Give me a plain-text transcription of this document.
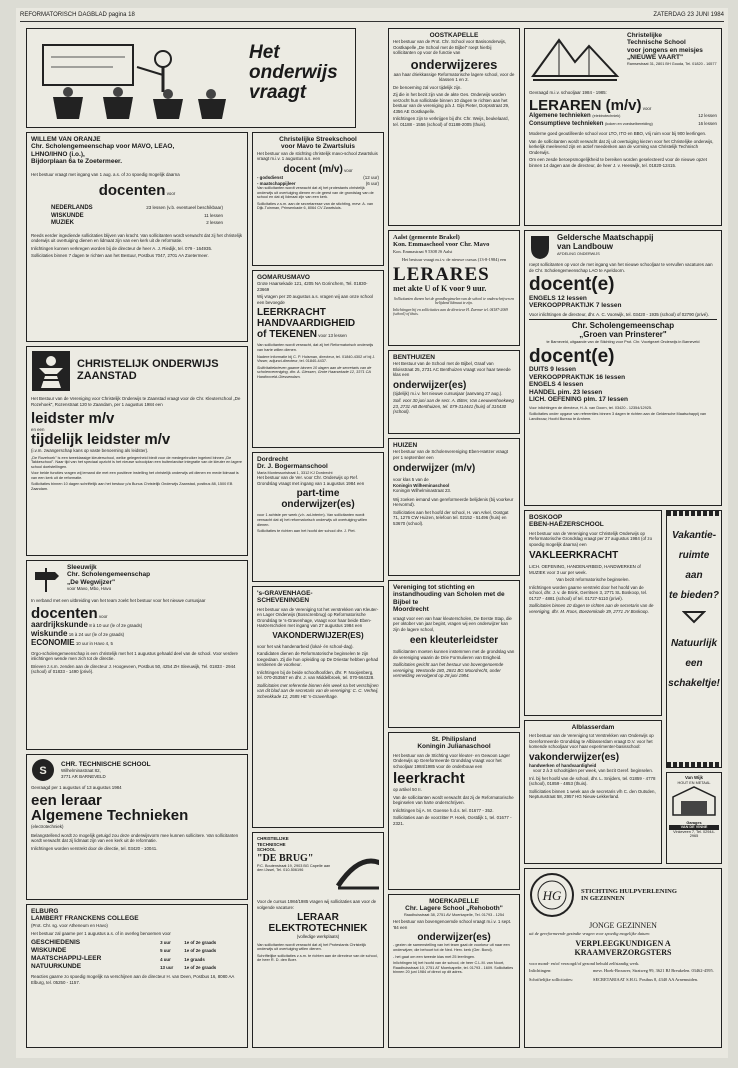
REFORMATORISCH DAGBLAD pagina 18	ZATERDAG 23 JUNI 1984
Het
onderwijs
vraagt
WILLEM VAN ORANJE
Chr. Scholengemeenschap voor MAVO, LEAO,
LHNO/IHNO (i.o.),
Bijdorplaan 6a te Zoetermeer.

Het bestuur vraagt met ingang van 1 aug. a.s. of zo spoedig mogelijk daarna

docenten voor
NEDERLANDS	23 lessen (v.b. eventueel beschikbaar)
WISKUNDE	11 lessen
MUZIEK	2 lessen

Reeds eerder ingediende sollicitaties blijven van kracht. Van sollicitanten wordt verwacht dat zij het christelijk onderwijs uit overtuiging dienen en lidmaat zijn van een kerk uit de reformatie.

Inlichtingen kunnen verkregen worden bij de directeur de heer A. J. Riedijk, tel. 079 - 164935.

Sollicitaties binnen 7 dagen te richten aan het Bestuur, Postbus 7047, 2701 AA Zoetermeer.

CHRISTELIJK ONDERWIJS ZAANSTAD

Het Bestuur van de Vereniging voor Christelijk Onderwijs te Zaanstad vraagt voor de Chr. Kleuterschool „De Rozehoek", Rozenstraat 120 te Zaandam, per 1 augustus 1984 een

leidster m/v
en een
tijdelijk leidster m/v

(i.v.m. zwangerschap kans op vaste benoeming als leidster).

„De Rozehoek" is een tweeklassige kleuterschool, welke gelegenheid biedt voor de medegebruiker ingebed binnen „De Takkeschool". Naar tijd van het speciaal opzicht is het nieuwe schoolplan een buitenlandse integratie van de kleuter en lagere school doelstellingen.

Voor beide functies vragen wij iemand die met een positieve instelling het christelijk onderwijs wil dienen en mede lidmaat is van een kerk uit de reformatie.

Sollicitaties binnen 10 dagen schriftelijk aan het bestuur p/a Bunus Christelijk Onderwijs Zaanstad, postbus 88, 1500 EB Zaandam.

Sleeuwijk
Chr. Scholengemeenschap
„De Wegwijzer"
voor Mavo, Mbo, Havo

In verband met een uitbreiding van het team zoekt het bestuur voor het nieuwe cursusjaar

docenten voor
aardrijkskunde 8 à 10 uur (le of 2e graads)
wiskunde 16 à 24 uur (le of 2e graads)
ECONOMIE 10 uur in Havo 4, 5

Orgo-scholengemeenschap is een christelijk met het 1 augustus gehaald deel van de school. Voor verdere inlichtingen wende men zich tot de directie.

Brieven z.s.m. zenden aan de directeur J. Hoogeveen, Postbus 50, 4254 ZH Sleeuwijk, Tel. 01833 - 2944 (school) of 01833 - 1490 (privé).

S
CHR. TECHNISCHE SCHOOL
Wilhelminastraat 82,
3771 AR BARNEVELD

Gevraagd per 1 augustus of 13 augustus 1984

een leraar
Algemene Technieken
(electrotechniek)

Belangstellend wordt zo mogelijk getuigd zou deze onderwijsvorm mee kunnen sollicitere. Van sollicitanten wordt verwacht dat zij lidmaat zijn van een kerk uit de reformatie.

Inlichtingen worden verstrekt door de directie, tel. 03420 - 10041.

ELBURG
LAMBERT FRANCKENS COLLEGE
(Prot. Chr. sg. voor Atheneum en Havo)

Het bestuur zal gaarne per 1 augustus a.s. of in overleg benoemen voor

GESCHIEDENIS	3 uur	1e of 2e graads
WISKUNDE	5 uur	1e of 2e graads
MAATSCHAPPIJ-LEER	4 uur	1e graads
NATUURKUNDE	13 uur	1e of 2e graads

Reacties gaarne zo spoedig mogelijk na verschijnen aan de directeur H. van Deen, Postbus 16, 8080 AA Elburg, tel. 05250 - 1157.

Christelijke Streekschool
voor Mavo te Zwartsluis

Het bestuur van de stichting christelijk mavo-school Zwartsluis vraagt m.i.v. 1 augustus a.s. een

docent (m/v) voor
- godsdienst	(12 uur)
- maatschappijleer	(6 uur)

Van sollicitanten wordt verwacht dat zij het protestants christelijk onderwijs uit overtuiging dienen en de geest van de grondslag van de school en dat zij lidmaat zijn van een kerk.

Sollicitaties z.s.m. aan de secretaresse van de stichting, mevr. A. van Dijk-Tuinman, Prinsenkade 6, 8064 CV Zwartsluis.

GOMARUSMAVO
Grote Haarsekade 121, 4205 NA Gorinchem, Tel. 01830-23669

Wij vragen per 20 augustus a.s. vragen wij aan onze school een bevoegde

LEERKRACHT
HANDVAARDIGHEID
of TEKENEN voor 13 lessen

Van sollicitanten wordt verwacht, dat zij het Reformatorisch onderwijs van harte willen dienen.

Nadere informatie bij C. P. Huisman, directeur, tel. 01840-4302 of bij J. Visser, adjunct-directeur, tel. 01840-4437.

Sollicitatiebrieven gaarne binnen 10 dagen aan de secretaris van de scholenvereniging, dhr. A. Giessen, Grote Haarsekade 12, 3371 CA Hardinxveld-Giessendam.

Dordrecht
Dr. J. Bogermanschool
Maria Montessoristraat 1, 3312 KJ Dordrecht

Het bestuur van de Ver. voor Chr. Onderwijs op Ref. Grondslag vraagt met ingang van 1 augustus 1984 een

part-time
onderwijzer(es)

voor 1 achtste per week (v.h. ad-interim). Van sollicitanten wordt verwacht dat zij het reformatorisch onderwijs uit overtuiging willen dienen.

Sollicitaties te richten aan het hoofd der school dhr. J. Piet.

's-GRAVENHAGE-
SCHEVENINGEN

Het bestuur van de Vereniging tot het verstrekken van Kleuter- en Lager Onderwijs (Bosscrenbrug) op Reformatorische Grondslag te 's-Gravenhage, vraagt voor haar beide Eben-Haëzerscholen met ingang van 27 augustus 1984 een

VAKONDERWIJZER(ES)

voor het vak handenarbeid (lokal- én school-dag).

Kandidaten dienen de Reformatorische beginselen te zijn toegedaan. Zij die hun opleiding op De Driestar hebben gehad verdienen de voorkeur.

Inlichtingen bij de beide schoolhoofden, dhr. P. Nooijenberg, tel. 070-253567 en dhr. J. van Middelbroek, tel. 070-564328.

Sollicitaties met referentie binnen één week na het verschijnen van dit blad aan de secretaris van de vereniging: C. C. Verheij, Schenkkade 12, 2585 HE 's-Gravenhage.

CHRISTELIJKE
TECHNISCHE
SCHOOL
"DE BRUG"
P.C. Boutenstraat 19, 2903 BG Capelle aan den IJssel, Tel. 010-506196

Voor de cursus 1984/1985 vragen wij sollicitaties aan voor de volgende vacature:

LERAAR
ELEKTROTECHNIEK
(volledige werkplaats)

Van sollicitanten wordt verwacht dat zij het Protestants Christelijk onderwijs uit overtuiging willen dienen.

Schriftelijke sollicitaties z.s.m. te richten aan de directeur van de school, de heer R. D. den Boer.

OOSTKAPELLE

Het bestuur van de Prot. Chr. School voor Basisonderwijs, Oostkapelle „De School met de Bijbel" roept hierbij sollicitanten op voor de functie van

onderwijzeres

aan haar driekkassige Reformatorische lagere school, voor de klassen 1 en 2.

De benoeming zal voor tijdelijk zijn.

Zij die in het bezit zijn van de akte Ges. Onderwijs worden verzocht hun sollicitatie binnen 10 dagen te richten aan het bestuur van de vereniging p/a J. Gijs Pieter, Dorpsstraat 29, 4356 AE Oostkapelle.

Inlichtingen zijn te verkrijgen bij dhr. Chr. Weijs, beukelaard, tel. 01188 - 1556 (school) of 01188-2005 (thuis).

Aalst (gemeente Brakel)
Kon. Emmaschool voor Chr. Mavo
Kon. Emmastraat 9 5308 JS Aalst

Het bestuur vraagt m.i.v. de nieuwe cursus (13-8-1984) een

LERARES
met akte U of K voor 9 uur.

Sollicitanten dienen het de grondbeginselen van de school te onderschrijven en belijdend lidmaat te zijn.

Inlichtingen bij en sollicitaties aan de directeur H. Zwemer tel. 04187-2069 (school) of thuis.

BENTHUIZEN

Het Bestuur van de School met de Bijbel, Graaf van Bloisstraat 25, 2731 AC Benthuizen vraagt voor haar tweede klas een

onderwijzer(es)

(tijdelijk) m.i.v. het nieuwe cursusjaar (aanvang 27 aug.).

Soll. voor 30 juni aan de secr. A. Bitter, Van Leeuwenhoekweg 23, 2731 AB Benthuizen, tel. 079-314441 (huis) of 315430 (school).

HUIZEN

Het bestuur van de Scholenvereniging Eben-Haëzer vraagt per 1 september een

onderwijzer (m/v)
voor klas 5 van de
Koningin Wilheminaschool
Koningin Wilhelminastraat 23.

Wij zoeken iemand van gereformeerde belijdenis (bij voorkeur Hervormd).

Sollicitaties aan het hoofd der school, H. van Arkel, Oostgat 71, 1276 CW Huizen, telefoon tel. 02152 - 51496 (huis) en 53670 (school).

Vereniging tot stichting en instandhouding van Scholen met de Bijbel te
Moordrecht

vraagt voor een van haar kleuterscholen, De Eerste Stap, die per oktober van jaar begint, vragen wij een onderwijzer kan zijn de lagere school,

een kleuterleidster

Sollicitanten moeten kunnen instemmen met de grondslag van de vereniging waarin de Drie Formulieren van Enigheid.

Sollicitaties gericht aan het bestuur van bovengenoemde vereniging, Westonde 180, 2841 BG Moordrecht, onder vermelding vervolgend op 28 juni 1984.

St. Philipsland
Koningin Julianaschool

Het bestuur van de Stichting voor kleuter- en Gewoon Lager Onderwijs op Gereformeerde Grondslag vraagt voor het schooljaar 1984/1985 voor de onderbouw een

leerkracht
op artikel 50 II.

Van de sollicitanten wordt verwacht dat zij de Reformatorische beginselen van harte onderschrijven.

Inlichtingen bij A. M. Goense h.d.s. tel. 01677 - 352.

Sollicitaties aan de voorzitter P. Hoek, Oostdijk 1, tel. 01677 - 2321.

MOERKAPELLE
Chr. Lagere School „Rehoboth"
Raadhuisstraat 38, 2751 AV Moerkapelle, Tel. 01793 - 1254

Het bestuur van bovengenoemde school vraagt m.i.v. 1 sept. '84 een

onderwijzer(es)

- gezien de samenstelling van het team gaat de voorkeur uit naar een onderwijzer, die behoort tot de Ned. Herv. kerk (Ger. Bond).

- het gaat om een tweede klas met 25 leerlingen.

Inlichtingen bij het hoofd van de school, de heer C.L.M. van Noort, Raadhuisstraat 10, 2751 AT Moerkapelle, tel. 01793 - 1609. Sollicitaties binnen 20 juni 1984 of direct op dit adres.

Christelijke
Technische School
voor jongens en meisjes
„NIEUWE VAART"
Ramsestraat 31, 2801 BH Gouda, Tel. 01820 - 16577

Gevraagd m.i.v. schooljaar 1984 - 1985:

LERAREN (m/v) voor
Algemene technieken (elektrotechniek)	12 lessen
Consumptieve technieken (koken en voedselbereiding)	16 lessen

Moderne goed geoutilleerde school voor LTO, ITO en BBO, vrij ruim voor bij 900 leerlingen.

Van de sollicitanten wordt verwacht dat zij uit overtuiging kiezen voor het Christelijke onderwijs, kerkelijk meelevend zijn en actief meedenken aan de vorming van Christelijk Technisch Onderwijs.

Om een zesde beroepsmogelijkheid te bereiken worden geselecteerd voor de nieuwe opzet binnen 14 dagen aan de directeur, de heer J. v. Heeswijk, tel. 01820-12415.

Geldersche Maatschappij
van Landbouw
AFDELING ONDERWIJS

roept sollicitanten op voor de met ingang van het nieuwe schooljaar te vervullen vacatures aan de Chr. Scholengemeenschap LAO te Apeldoorn.

docent(e)
ENGELS 12 lessen
VERKOOPPRAKTIJK 7 lessen

Voor inlichtingen de directeur, dhr. A. C. Voorwijk, tel. 03420 - 1935 (school) of 02790 (privé).

Chr. Scholengemeenschap
„Groen van Prinsterer"

te Barneveld, uitgaande van de Stichting voor Prot. Chr. Voortgezet Onderwijs in Barneveld

docent(e)
DUITS 9 lessen
VERKOOPPRAKTIJK 16 lessen
ENGELS 4 lessen
HANDEL pim. 23 lessen
LICH. OEFENING plm. 17 lessen

Voor inlichtingen de directeur, H. A. van Doorn, tel. 03420 - 12354/12925.

Sollicitaties onder opgave van referenties binnen 3 dagen te richten aan de Geldersche Maatschappij van Landbouw, Hoofd Bureau te Arnhem.

BOSKOOP
EBEN-HAËZERSCHOOL

Het bestuur van de Vereniging voor Christelijk Onderwijs op Reformatorische Grondslag vraagt per 27 augustus 1984 (of zo spoedig mogelijk daarna) een

VAKLEERKRACHT

LICH. OEFENING, HANDENARBEID, HANDWERKEN of MUZIEK voor 3 uur per week.

Van bezit reformatorische beginselen.

Inlichtingen worden gaarne verstrekt door het hoofd van de school, dhr. J. v. de Brink, Gerritsen 3, 2771 SL Boskoop, tel. 01727 - 4881 (school) of tel. 01727-5110 (privé).

Sollicitaties binnen 10 dagen te richten aan de secretaris van de vereniging, dhr. M. Roos, Boezemkade 39, 2771 JV Boskoop.

Alblasserdam

Het bestuur van de Vereniging tot Verstrekken van Onderwijs op Gereformeerde Grondslag te Alblasserdam vraagt D.V. voor het komende schooljaar voor haar experimenter-basisschool:

vakonderwijzer(es)
handwerken of handvaardigheid

voor 2 à 3 schooltijden per week, van bezit Geref. beginselen.

Inl. bij het hoofd van de school, dhr. L. Snijders, tel. 01859 - 4778 (school), 01859 - 4853 (thuis).

Sollicitaties binnen 1 week aan de secretaris v/h C. den Outsden, Nepturustraat 58, 2957 HG Nieuw-Lekkerland.

Vakantie-
ruimte
aan
te bieden?
Natuurlijk
een
schakeltje!
Van Wijk
HOUT EN METAAL
Garages
VAN DE VINNE
Vinkeveen 7, Tel. 02944-2965
HG	STICHTING HULPVERLENING
IN GEZINNEN
JONGE GEZINNEN

uit de gereformeerde gezindte vragen voor spoedig mogelijke datum:

VERPLEEGKUNDIGEN A
KRAAMVERZORGSTERS

voor mond- en/of verzorgd/of gezond behuld zelfstandig werk.

Inlichtingen:	mevr. Hoek-Brouwer, Stratweg 99, 3621 BJ Breukelen. 03462-4595.
Schriftelijke sollicitaties:	SECRETARIAAT S.H.G. Postbus 8, 4340 AA Arnemuiden.
